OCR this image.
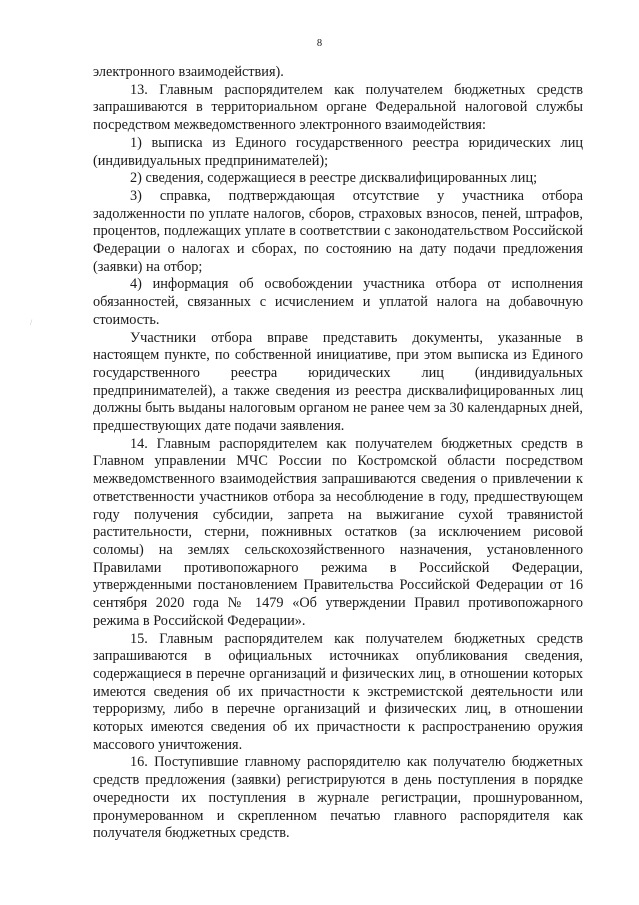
8
/

электронного взаимодействия).

13. Главным распорядителем как получателем бюджетных средств запрашиваются в территориальном органе Федеральной налоговой службы посредством межведомственного электронного взаимодействия:

1) выписка из Единого государственного реестра юридических лиц (индивидуальных предпринимателей);

2) сведения, содержащиеся в реестре дисквалифицированных лиц;

3) справка, подтверждающая отсутствие у участника отбора задолженности по уплате налогов, сборов, страховых взносов, пеней, штрафов, процентов, подлежащих уплате в соответствии с законодательством Российской Федерации о налогах и сборах, по состоянию на дату подачи предложения (заявки) на отбор;

4) информация об освобождении участника отбора от исполнения обязанностей, связанных с исчислением и уплатой налога на добавочную стоимость.

Участники отбора вправе представить документы, указанные в настоящем пункте, по собственной инициативе, при этом выписка из Единого государственного реестра юридических лиц (индивидуальных предпринимателей), а также сведения из реестра дисквалифицированных лиц должны быть выданы налоговым органом не ранее чем за 30 календарных дней, предшествующих дате подачи заявления.

14. Главным распорядителем как получателем бюджетных средств в Главном управлении МЧС России по Костромской области посредством межведомственного взаимодействия запрашиваются сведения о привлечении к ответственности участников отбора за несоблюдение в году, предшествующем году получения субсидии, запрета на выжигание сухой травянистой растительности, стерни, пожнивных остатков (за исключением рисовой соломы) на землях сельскохозяйственного назначения, установленного Правилами противопожарного режима в Российской Федерации, утвержденными постановлением Правительства Российской Федерации от 16 сентября 2020 года № 1479 «Об утверждении Правил противопожарного режима в Российской Федерации».

15. Главным распорядителем как получателем бюджетных средств запрашиваются в официальных источниках опубликования сведения, содержащиеся в перечне организаций и физических лиц, в отношении которых имеются сведения об их причастности к экстремистской деятельности или терроризму, либо в перечне организаций и физических лиц, в отношении которых имеются сведения об их причастности к распространению оружия массового уничтожения.

16. Поступившие главному распорядителю как получателю бюджетных средств предложения (заявки) регистрируются в день поступления в порядке очередности их поступления в журнале регистрации, прошнурованном, пронумерованном и скрепленном печатью главного распорядителя как получателя бюджетных средств.
